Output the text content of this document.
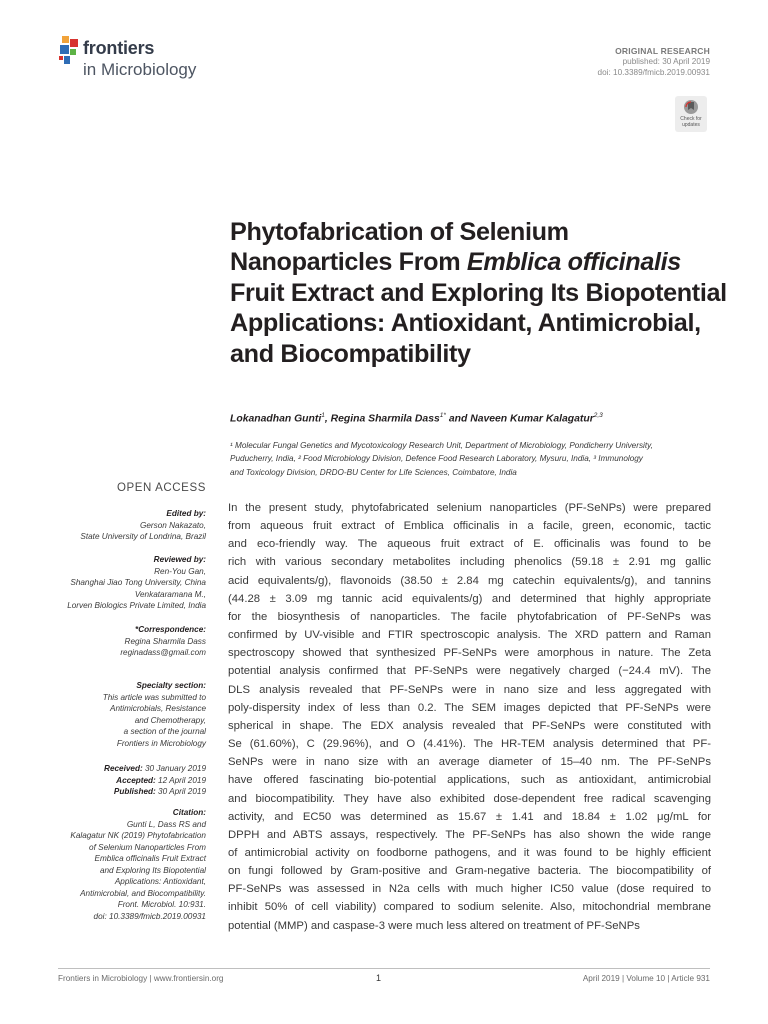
frontiers
in Microbiology
ORIGINAL RESEARCH
published: 30 April 2019
doi: 10.3389/fmicb.2019.00931
Check for updates
Phytofabrication of Selenium Nanoparticles From Emblica officinalis Fruit Extract and Exploring Its Biopotential Applications: Antioxidant, Antimicrobial, and Biocompatibility
Lokanadhan Gunti$^1$, Regina Sharmila Dass$^{1*}$ and Naveen Kumar Kalagatur$^{2,3}$
¹ Molecular Fungal Genetics and Mycotoxicology Research Unit, Department of Microbiology, Pondicherry University,
Puducherry, India, ² Food Microbiology Division, Defence Food Research Laboratory, Mysuru, India, ³ Immunology
and Toxicology Division, DRDO-BU Center for Life Sciences, Coimbatore, India
OPEN ACCESS
Edited by:
Gerson Nakazato,
State University of Londrina, Brazil
Reviewed by:
Ren-You Gan,
Shanghai Jiao Tong University, China
Venkataramana M.,
Lorven Biologics Private Limited, India
*Correspondence:
Regina Sharmila Dass
reginadass@gmail.com
Specialty section:
This article was submitted to
Antimicrobials, Resistance
and Chemotherapy,
a section of the journal
Frontiers in Microbiology
Received: 30 January 2019
Accepted: 12 April 2019
Published: 30 April 2019
Citation:
Gunti L, Dass RS and
Kalagatur NK (2019) Phytofabrication
of Selenium Nanoparticles From
Emblica officinalis Fruit Extract
and Exploring Its Biopotential
Applications: Antioxidant,
Antimicrobial, and Biocompatibility.
Front. Microbiol. 10:931.
doi: 10.3389/fmicb.2019.00931
In the present study, phytofabricated selenium nanoparticles (PF-SeNPs) were prepared
from aqueous fruit extract of Emblica officinalis in a facile, green, economic, tactic
and eco-friendly way. The aqueous fruit extract of E. officinalis was found to be
rich with various secondary metabolites including phenolics (59.18 ± 2.91 mg gallic
acid equivalents/g), flavonoids (38.50 ± 2.84 mg catechin equivalents/g), and tannins
(44.28 ± 3.09 mg tannic acid equivalents/g) and determined that highly appropriate
for the biosynthesis of nanoparticles. The facile phytofabrication of PF-SeNPs was
confirmed by UV-visible and FTIR spectroscopic analysis. The XRD pattern and Raman
spectroscopy showed that synthesized PF-SeNPs were amorphous in nature. The Zeta
potential analysis confirmed that PF-SeNPs were negatively charged (−24.4 mV). The
DLS analysis revealed that PF-SeNPs were in nano size and less aggregated with
poly-dispersity index of less than 0.2. The SEM images depicted that PF-SeNPs were
spherical in shape. The EDX analysis revealed that PF-SeNPs were constituted with
Se (61.60%), C (29.96%), and O (4.41%). The HR-TEM analysis determined that PF-
SeNPs were in nano size with an average diameter of 15–40 nm. The PF-SeNPs
have offered fascinating bio-potential applications, such as antioxidant, antimicrobial
and biocompatibility. They have also exhibited dose-dependent free radical scavenging
activity, and EC50 was determined as 15.67 ± 1.41 and 18.84 ± 1.02 μg/mL for
DPPH and ABTS assays, respectively. The PF-SeNPs has also shown the wide range
of antimicrobial activity on foodborne pathogens, and it was found to be highly efficient
on fungi followed by Gram-positive and Gram-negative bacteria. The biocompatibility of
PF-SeNPs was assessed in N2a cells with much higher IC50 value (dose required to
inhibit 50% of cell viability) compared to sodium selenite. Also, mitochondrial membrane
potential (MMP) and caspase-3 were much less altered on treatment of PF-SeNPs
Frontiers in Microbiology | www.frontiersin.org	1	April 2019 | Volume 10 | Article 931
